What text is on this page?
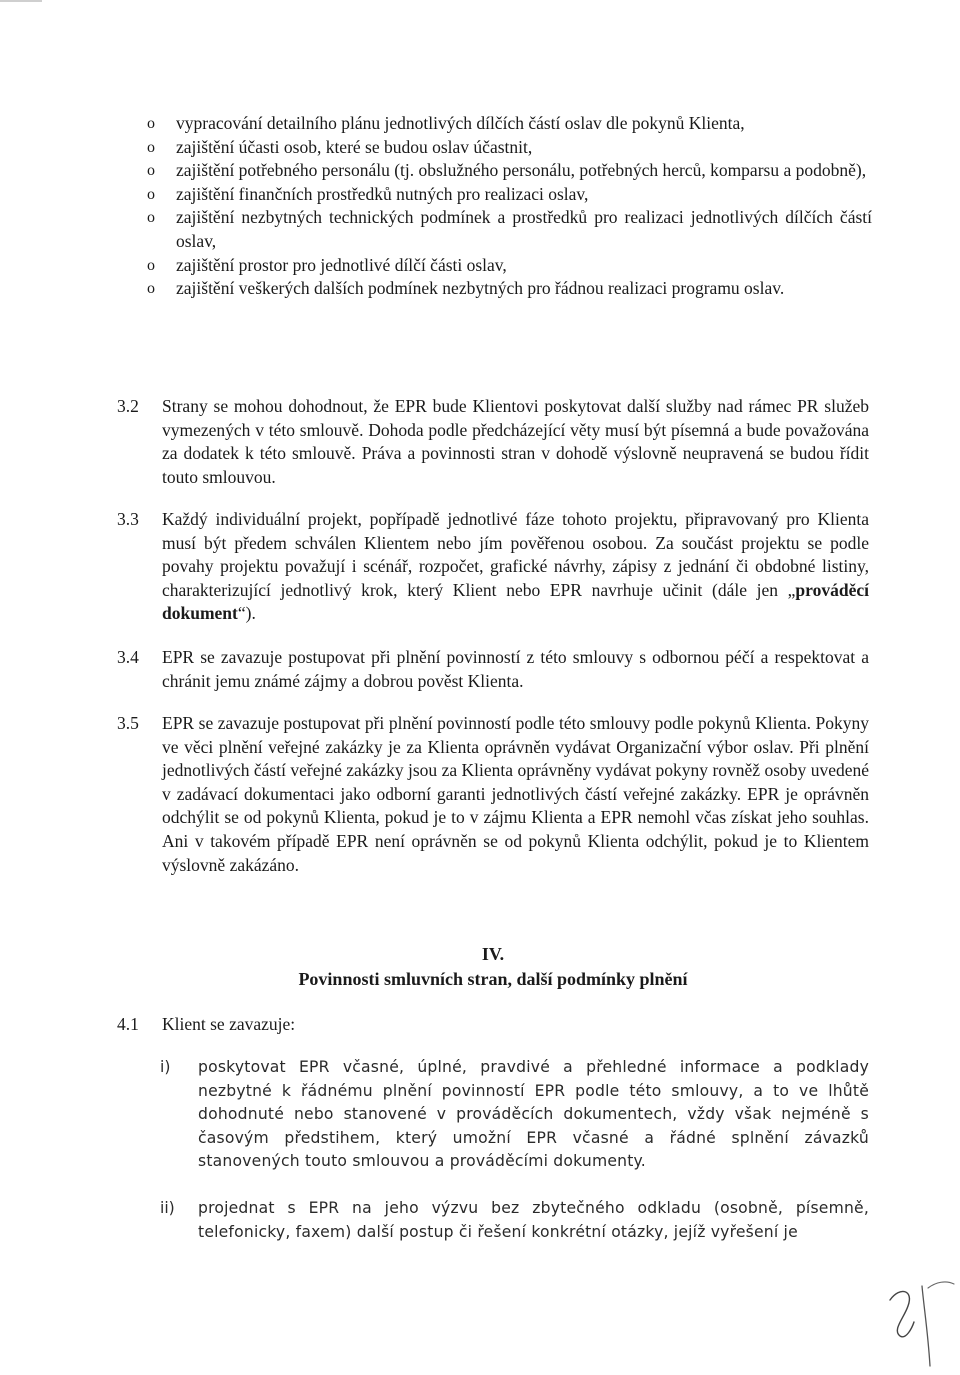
o	vypracování detailního plánu jednotlivých dílčích částí oslav dle pokynů Klienta,
o	zajištění účasti osob, které se budou oslav účastnit,
o	zajištění potřebného personálu (tj. obslužného personálu, potřebných herců, komparsu a podobně),
o	zajištění finančních prostředků nutných pro realizaci oslav,
o	zajištění nezbytných technických podmínek a prostředků pro realizaci jednotlivých dílčích částí oslav,
o	zajištění prostor pro jednotlivé dílčí části oslav,
o	zajištění veškerých dalších podmínek nezbytných pro řádnou realizaci programu oslav.
3.2	Strany se mohou dohodnout, že EPR bude Klientovi poskytovat další služby nad rámec PR služeb vymezených v této smlouvě. Dohoda podle předcházející věty musí být písemná a bude považována za dodatek k této smlouvě. Práva a povinnosti stran v dohodě výslovně neupravená se budou řídit touto smlouvou.
3.3	Každý individuální projekt, popřípadě jednotlivé fáze tohoto projektu, připravovaný pro Klienta musí být předem schválen Klientem nebo jím pověřenou osobou. Za součást projektu se podle povahy projektu považují i scénář, rozpočet, grafické návrhy, zápisy z jednání či obdobné listiny, charakterizující jednotlivý krok, který Klient nebo EPR navrhuje učinit (dále jen „prováděcí dokument“).
3.4	EPR se zavazuje postupovat při plnění povinností z této smlouvy s odbornou péčí a respektovat a chránit jemu známé zájmy a dobrou pověst Klienta.
3.5	EPR se zavazuje postupovat při plnění povinností podle této smlouvy podle pokynů Klienta. Pokyny ve věci plnění veřejné zakázky je za Klienta oprávněn vydávat Organizační výbor oslav. Při plnění jednotlivých částí veřejné zakázky jsou za Klienta oprávněny vydávat pokyny rovněž osoby uvedené v zadávací dokumentaci jako odborní garanti jednotlivých částí veřejné zakázky. EPR je oprávněn odchýlit se od pokynů Klienta, pokud je to v zájmu Klienta a EPR nemohl včas získat jeho souhlas. Ani v takovém případě EPR není oprávněn se od pokynů Klienta odchýlit, pokud je to Klientem výslovně zakázáno.
IV.
Povinnosti smluvních stran, další podmínky plnění
4.1 Klient se zavazuje:
i)	poskytovat EPR včasné, úplné, pravdivé a přehledné informace a podklady nezbytné k řádnému plnění povinností EPR podle této smlouvy, a to ve lhůtě dohodnuté nebo stanovené v prováděcích dokumentech, vždy však nejméně s časovým předstihem, který umožní EPR včasné a řádné splnění závazků stanovených touto smlouvou a prováděcími dokumenty.
ii)	projednat s EPR na jeho výzvu bez zbytečného odkladu (osobně, písemně, telefonicky, faxem) další postup či řešení konkrétní otázky, jejíž vyřešení je
